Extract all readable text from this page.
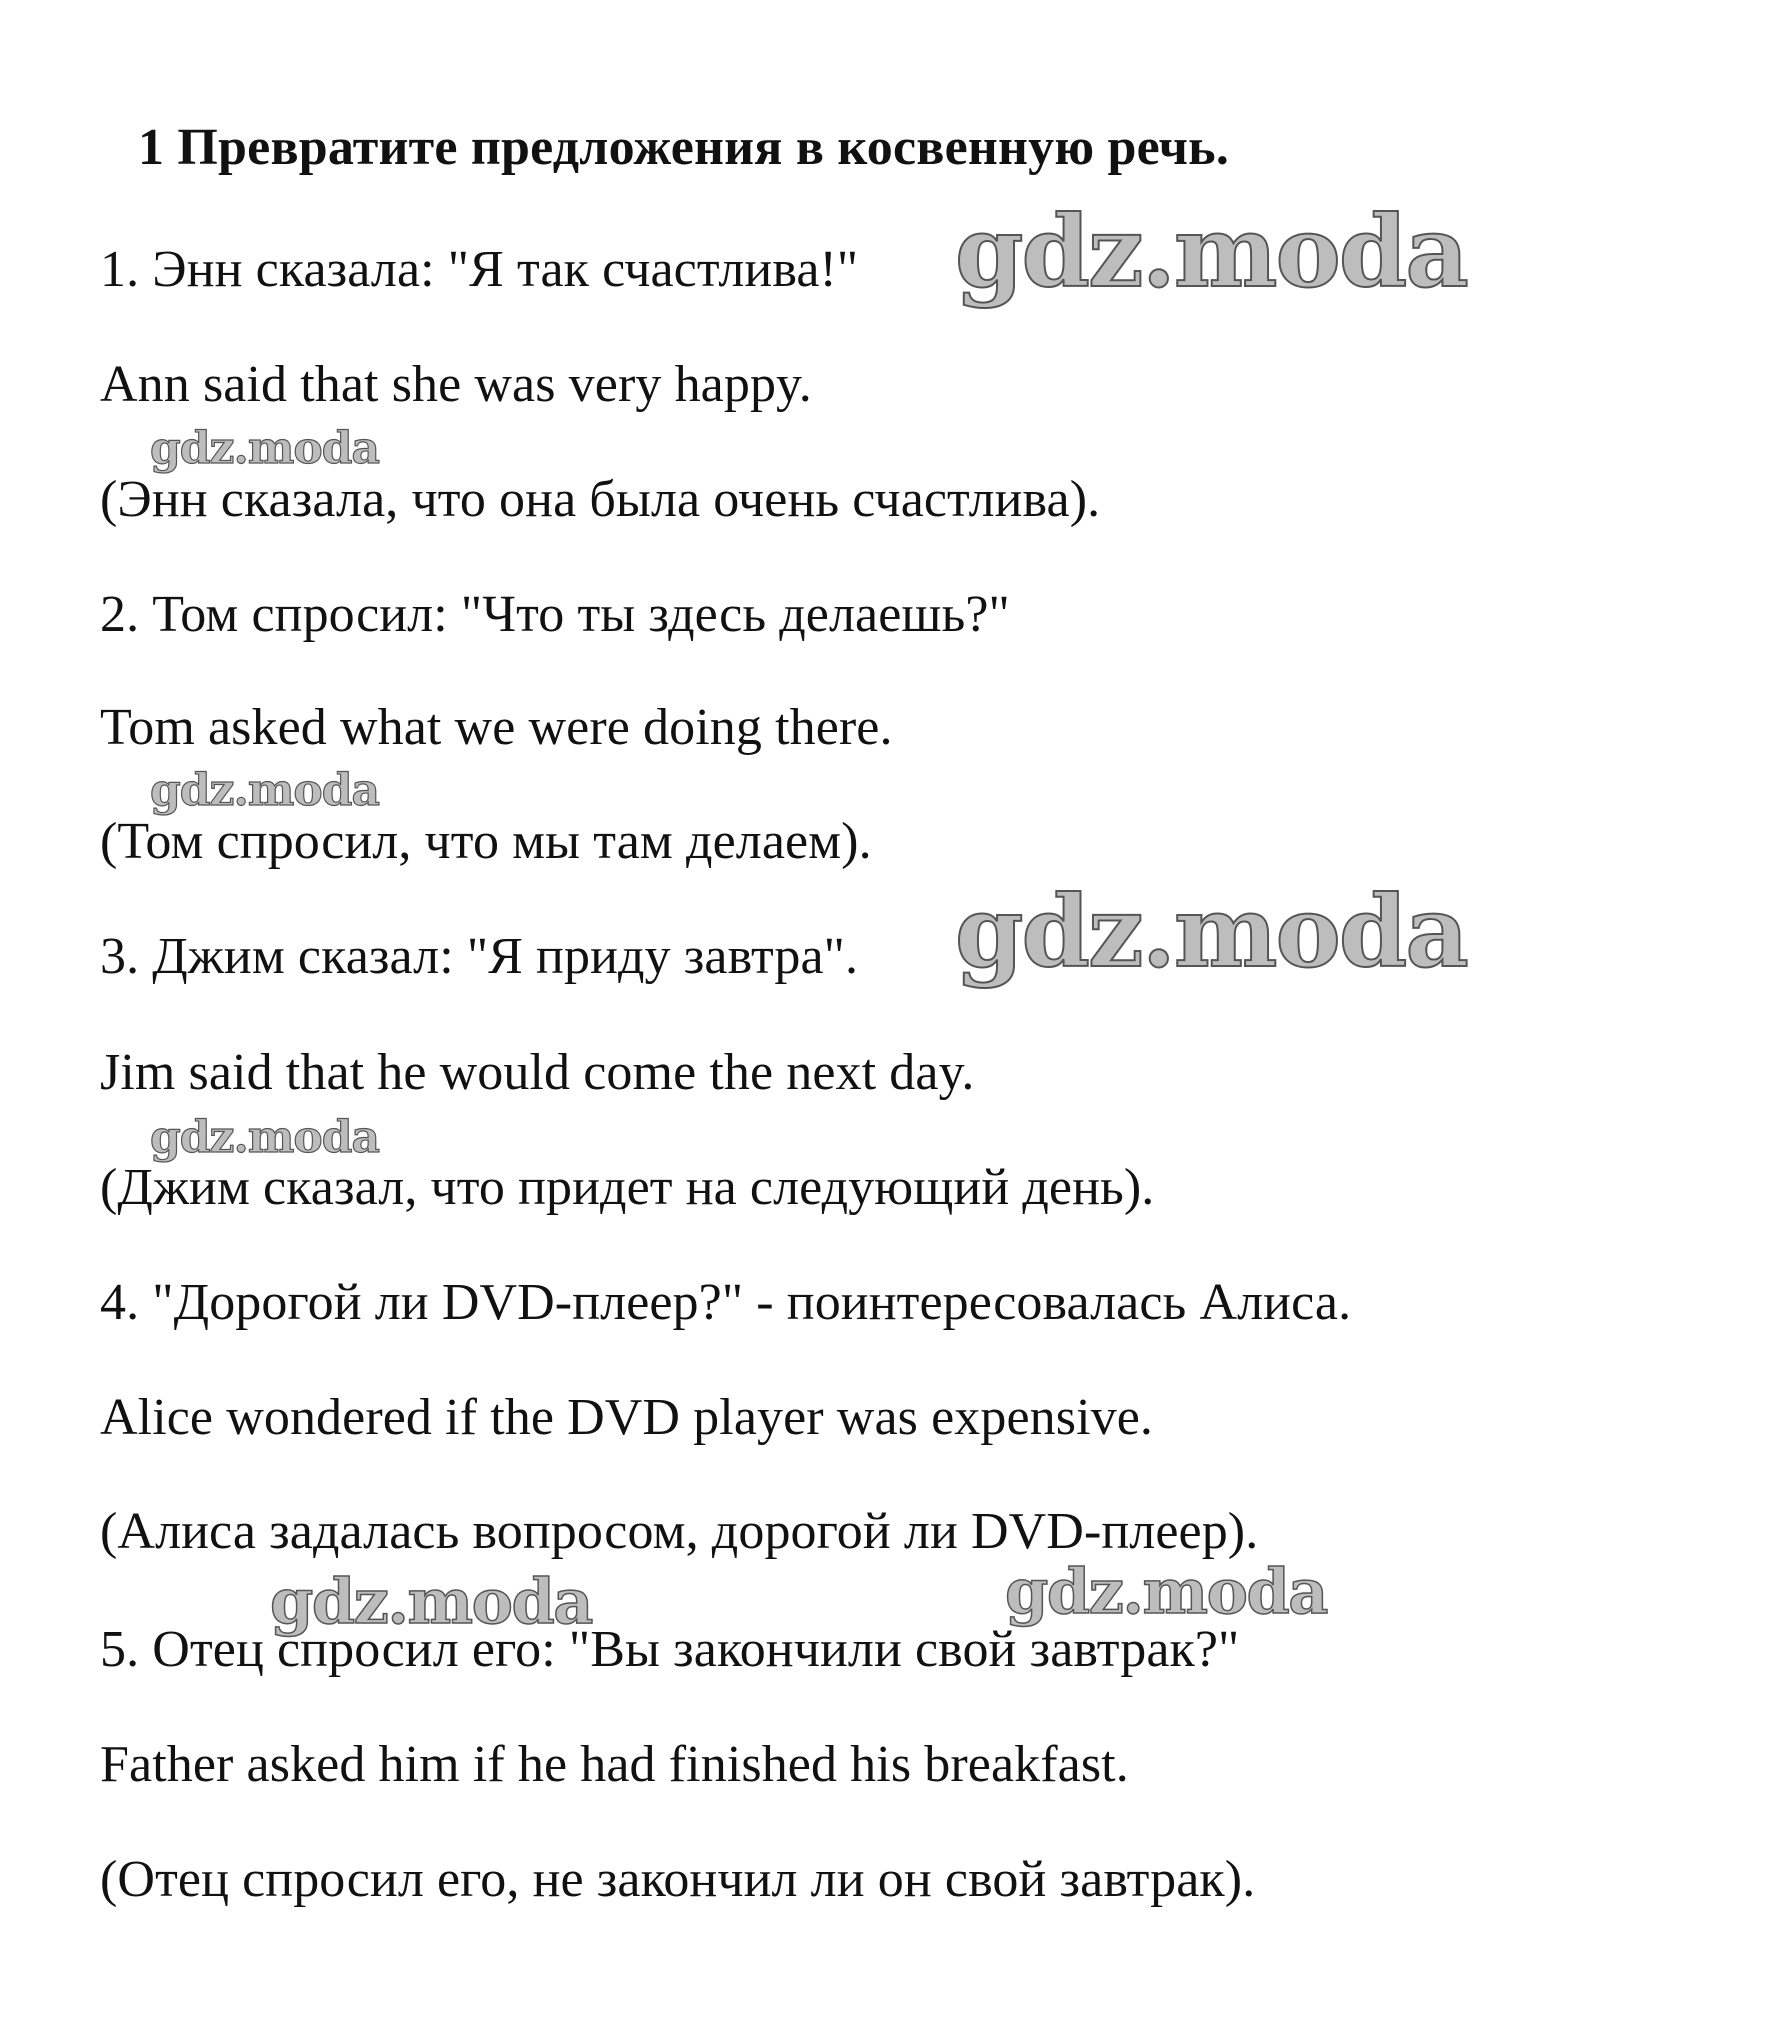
1 Превратите предложения в косвенную речь.
1. Энн сказала: "Я так счастлива!"
Ann said that she was very happy.
(Энн сказала, что она была очень счастлива).
2. Том спросил: "Что ты здесь делаешь?"
Tom asked what we were doing there.
(Том спросил, что мы там делаем).
3. Джим сказал: "Я приду завтра".
Jim said that he would come the next day.
(Джим сказал, что придет на следующий день).
4. "Дорогой ли DVD-плеер?" - поинтересовалась Алиса.
Alice wondered if the DVD player was expensive.
(Алиса задалась вопросом, дорогой ли DVD-плеер).
5. Отец спросил его: "Вы закончили свой завтрак?"
Father asked him if he had finished his breakfast.
(Отец спросил его, не закончил ли он свой завтрак).
gdz.moda
gdz.moda
gdz.moda
gdz.moda
gdz.moda
gdz.moda	gdz.moda
